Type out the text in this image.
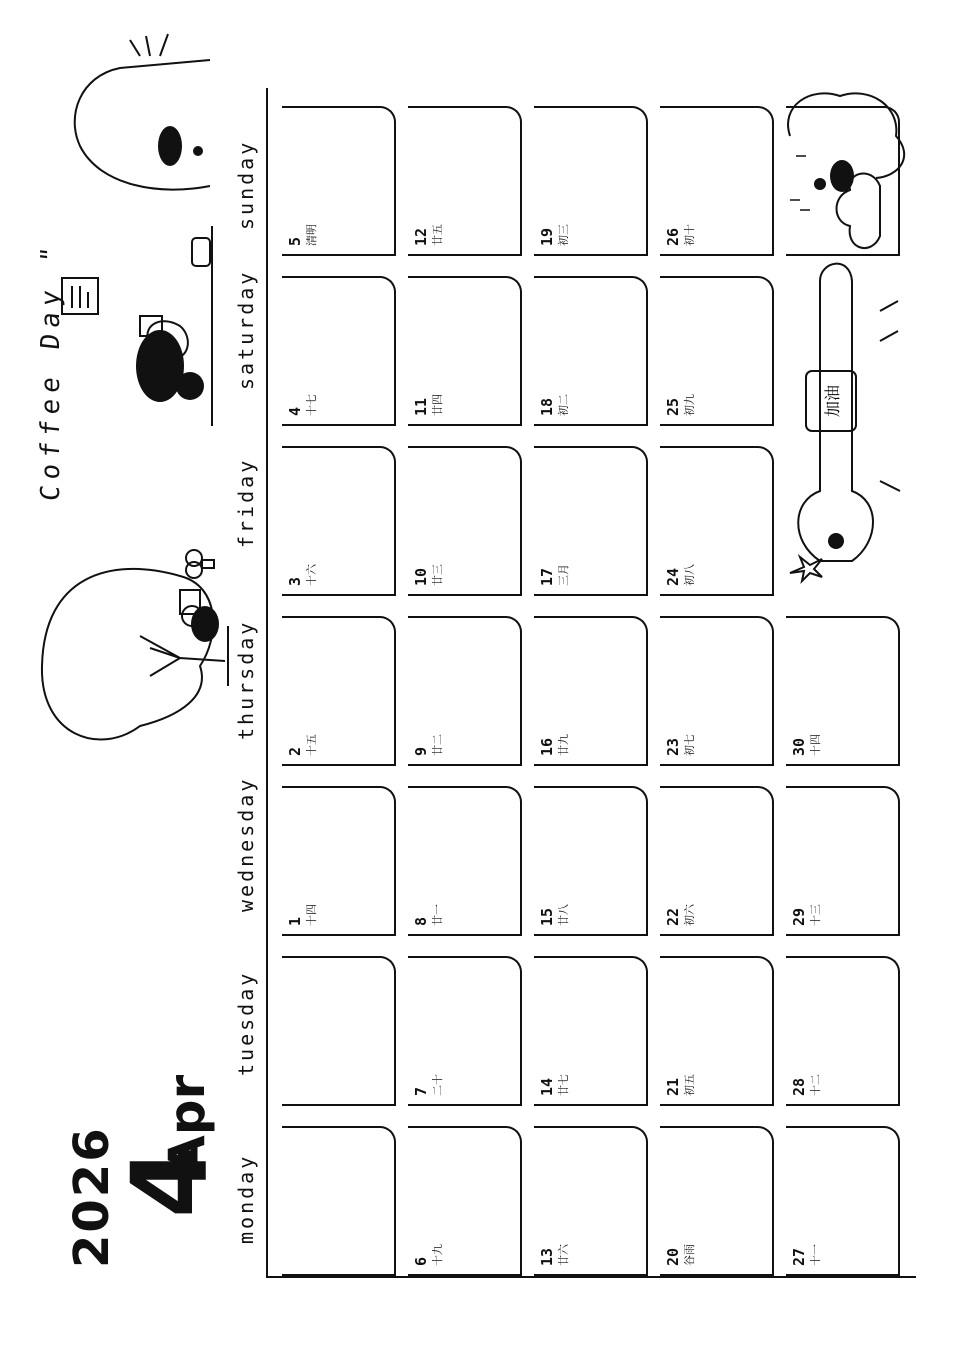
2026
4
Apr
Coffee Day "
monday
tuesday
wednesday
thursday
friday
saturday
sunday
1 十四
2 十五
3 十六
4 十七
5 清明
6 十九
7 二十
8 廿一
9 廿二
10 廿三
11 廿四
12 廿五
13 廿六
14 廿七
15 廿八
16 廿九
17 三月
18 初二
19 初三
20 谷雨
21 初五
22 初六
23 初七
24 初八
25 初九
26 初十
27 十一
28 十二
29 十三
30 十四
加油
